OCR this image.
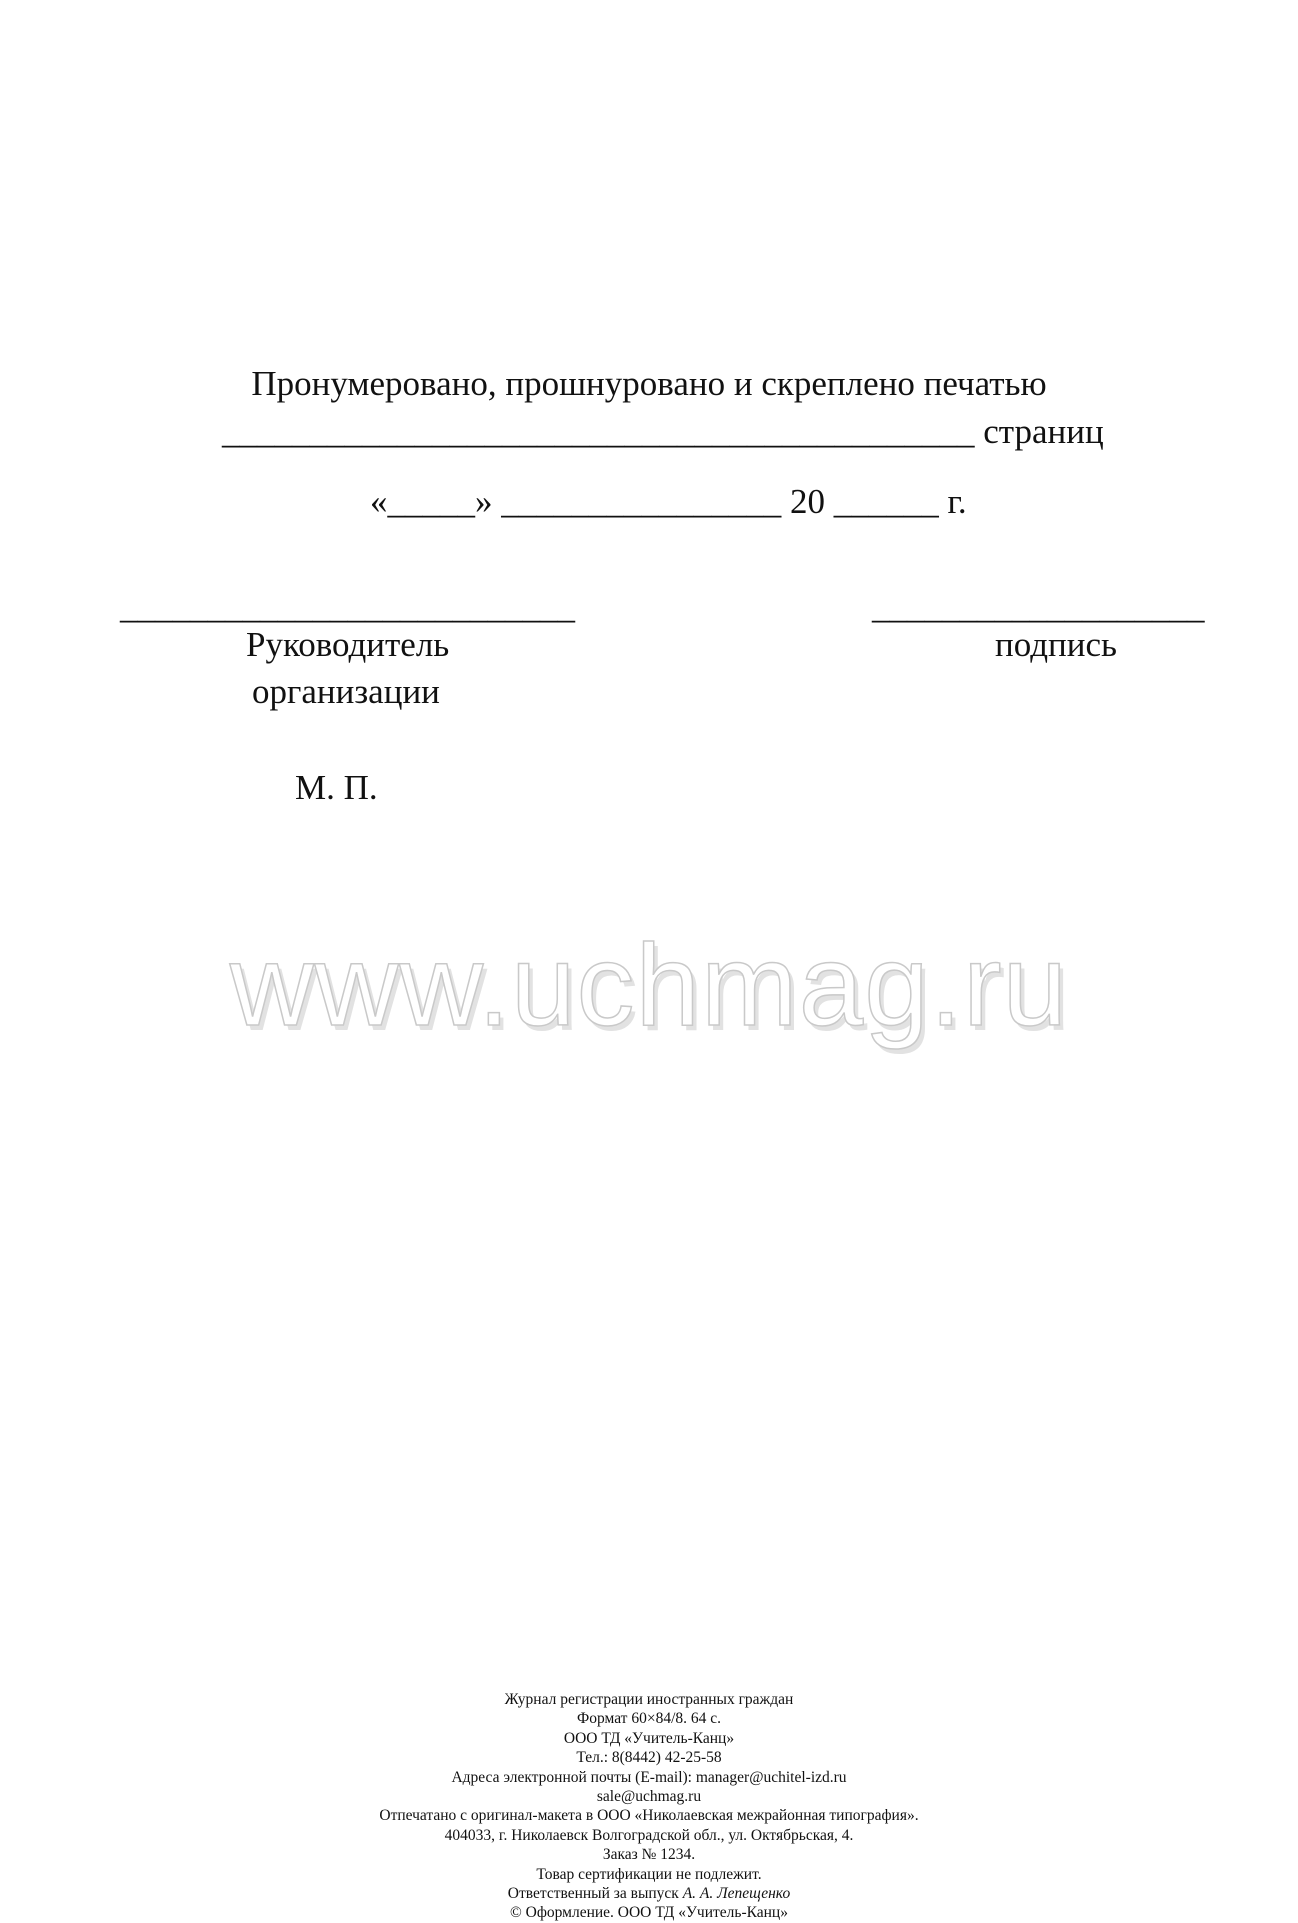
Пронумеровано, прошнуровано и скреплено печатью
___________________________________________ страниц
«_____» ________________ 20 ______ г.
__________________________	___________________
Руководитель
организации
подпись
М. П.
www.uchmag.ru
Журнал регистрации иностранных граждан
Формат 60×84/8. 64 с.
ООО ТД «Учитель-Канц»
Тел.: 8(8442) 42-25-58
Адреса электронной почты (E-mail): manager@uchitel-izd.ru
sale@uchmag.ru
Отпечатано с оригинал-макета в ООО «Николаевская межрайонная типография».
404033, г. Николаевск Волгоградской обл., ул. Октябрьская, 4.
Заказ № 1234.
Товар сертификации не подлежит.
Ответственный за выпуск А. А. Лепещенко
© Оформление. ООО ТД «Учитель-Канц»
